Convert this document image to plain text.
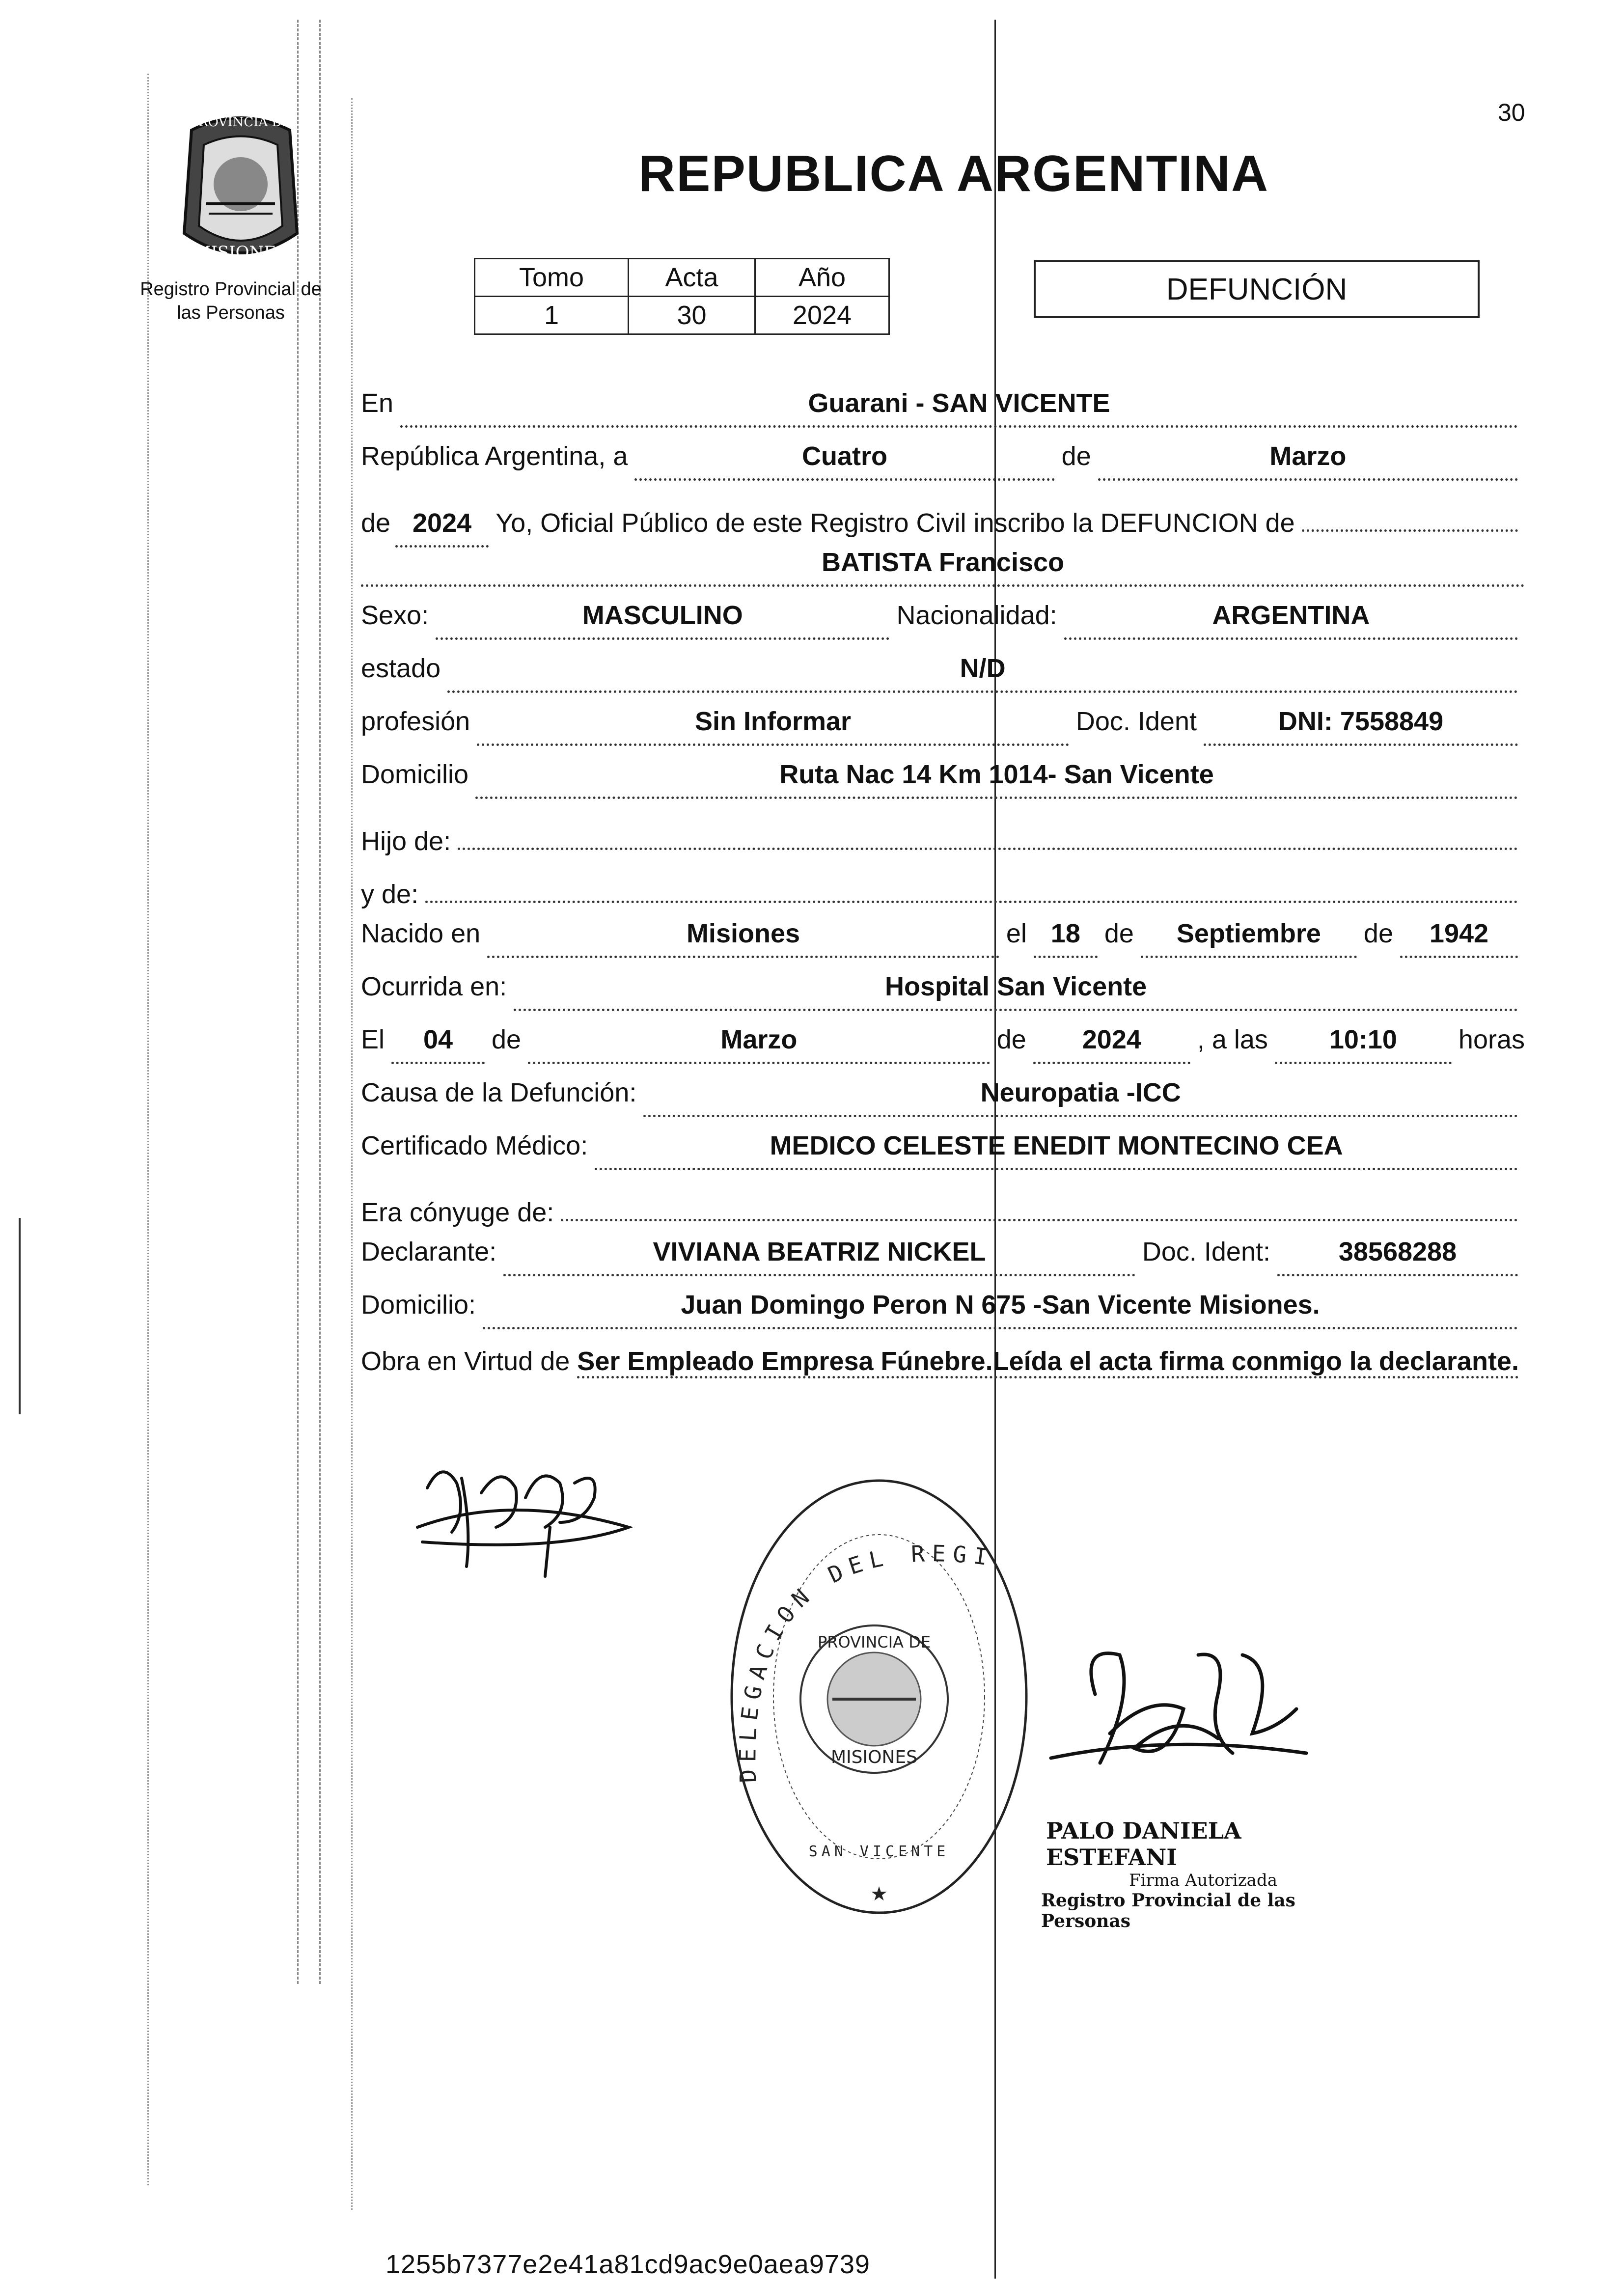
30
PROVINCIA DE
MISIONES
Registro Provincial de
las Personas
REPUBLICA ARGENTINA
Tomo	Acta	Año
1	30	2024
DEFUNCIÓN
En	Guarani - SAN VICENTE
República Argentina, a	Cuatro	de	Marzo
de 2024 Yo, Oficial Público de este Registro Civil inscribo la DEFUNCION de
BATISTA Francisco
Sexo:	MASCULINO	Nacionalidad:	ARGENTINA
estado	N/D
profesión	Sin Informar	Doc. Ident	DNI: 7558849
Domicilio	Ruta Nac 14 Km 1014- San Vicente
Hijo de:
y de:
Nacido en	Misiones	el 18 de	Septiembre	de	1942
Ocurrida en:	Hospital San Vicente
El	04	de	Marzo	de	2024	, a las	10:10	horas
Causa de la Defunción:	Neuropatia -ICC
Certificado Médico:	MEDICO CELESTE ENEDIT MONTECINO CEA
Era cónyuge de:
Declarante:	VIVIANA BEATRIZ NICKEL	Doc. Ident:	38568288
Domicilio:	Juan Domingo Peron N 675 -San Vicente Misiones.
Obra en Virtud de Ser Empleado Empresa Fúnebre.Leída el acta firma conmigo la declarante.
DELEGACION DEL REGI
PROVINCIA DE
MISIONES
SAN VICENTE
★
PALO DANIELA ESTEFANI
Firma Autorizada
Registro Provincial de las Personas
1255b7377e2e41a81cd9ac9e0aea9739
